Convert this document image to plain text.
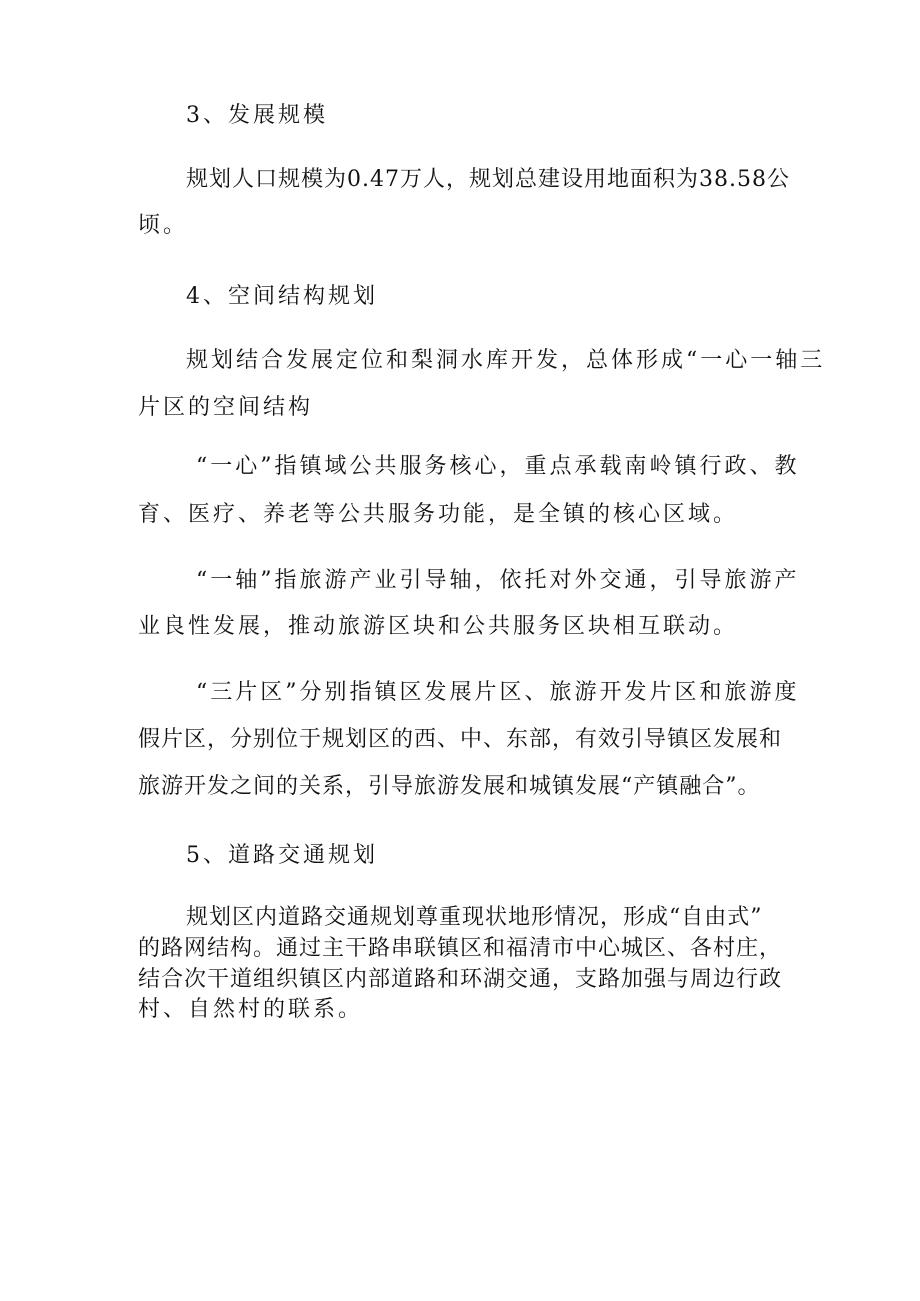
3、发展规模
规划人口规模为0.47万人，规划总建设用地面积为38.58公
顷。
4、空间结构规划
规划结合发展定位和梨洞水库开发，总体形成“一心一轴三
片区的空间结构
“一心”指镇域公共服务核心，重点承载南岭镇行政、教
育、医疗、养老等公共服务功能，是全镇的核心区域。
“一轴”指旅游产业引导轴，依托对外交通，引导旅游产
业良性发展，推动旅游区块和公共服务区块相互联动。
“三片区”分别指镇区发展片区、旅游开发片区和旅游度
假片区，分别位于规划区的西、中、东部，有效引导镇区发展和
旅游开发之间的关系，引导旅游发展和城镇发展“产镇融合”。
5、道路交通规划
规划区内道路交通规划尊重现状地形情况，形成“自由式”
的路网结构。通过主干路串联镇区和福清市中心城区、各村庄，
结合次干道组织镇区内部道路和环湖交通，支路加强与周边行政
村、自然村的联系。
